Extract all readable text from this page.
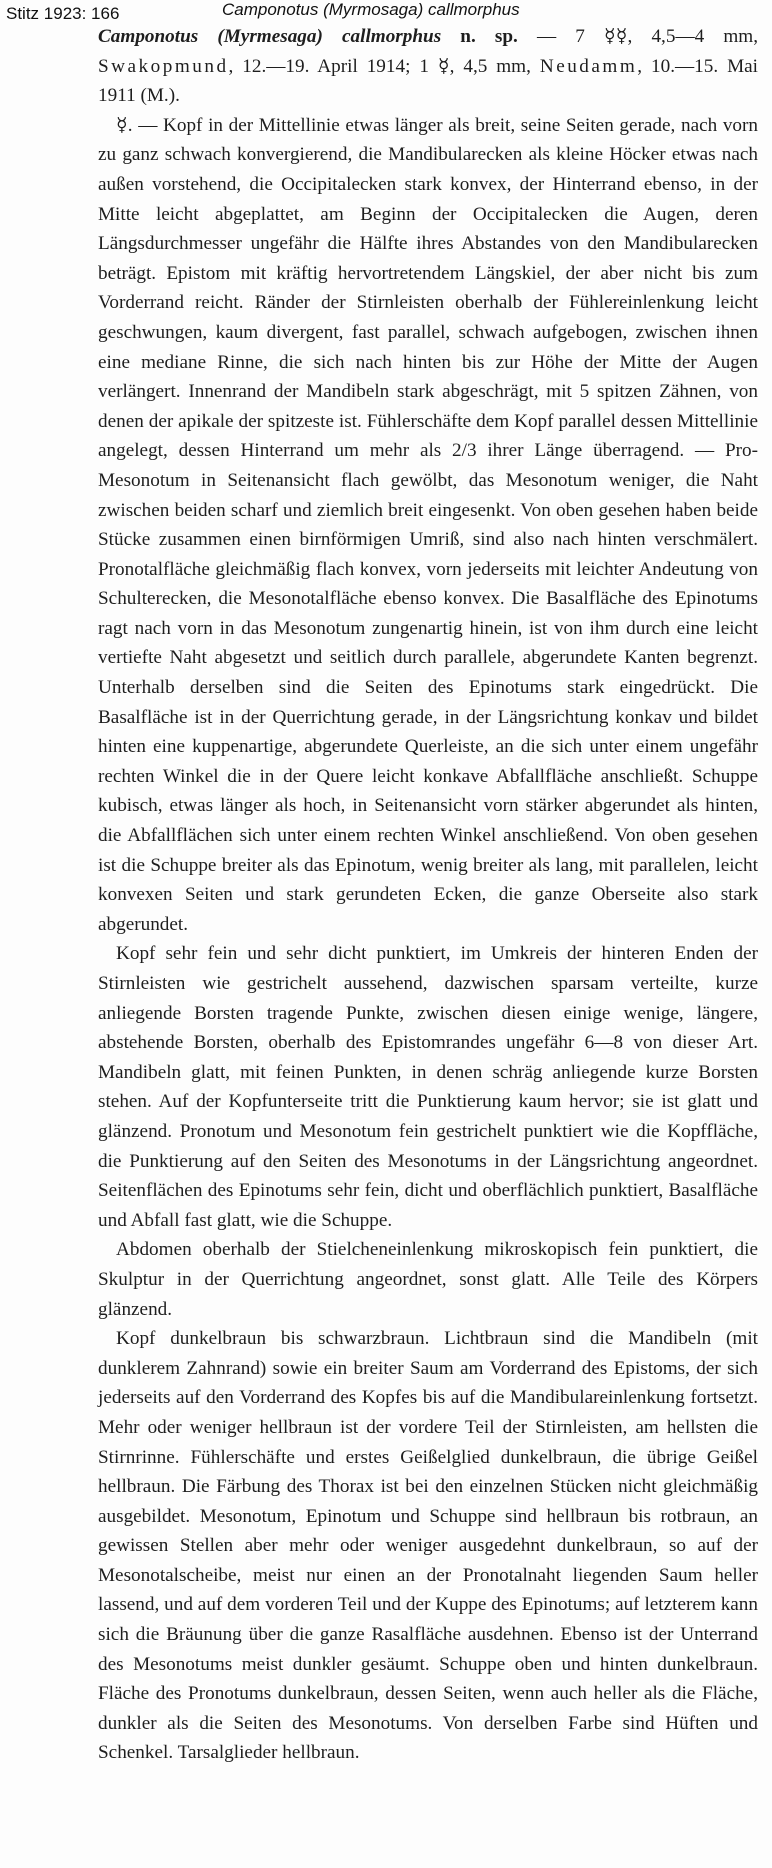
Stitz 1923: 166	Camponotus (Myrmosaga) callmorphus

Camponotus (Myrmesaga) callmorphus n. sp. — 7 ☿☿, 4,5—4 mm, Swakopmund, 12.—19. April 1914; 1 ☿, 4,5 mm, Neudamm, 10.—15. Mai 1911 (M.).

☿. — Kopf in der Mittellinie etwas länger als breit, seine Seiten gerade, nach vorn zu ganz schwach konvergierend, die Mandibularecken als kleine Höcker etwas nach außen vorstehend, die Occipitalecken stark konvex, der Hinterrand ebenso, in der Mitte leicht abgeplattet, am Beginn der Occipitalecken die Augen, deren Längsdurchmesser ungefähr die Hälfte ihres Abstandes von den Mandibularecken beträgt. Epistom mit kräftig hervortretendem Längskiel, der aber nicht bis zum Vorderrand reicht. Ränder der Stirnleisten oberhalb der Fühlereinlenkung leicht geschwungen, kaum divergent, fast parallel, schwach aufgebogen, zwischen ihnen eine mediane Rinne, die sich nach hinten bis zur Höhe der Mitte der Augen verlängert. Innenrand der Mandibeln stark abgeschrägt, mit 5 spitzen Zähnen, von denen der apikale der spitzeste ist. Fühlerschäfte dem Kopf parallel dessen Mittellinie angelegt, dessen Hinterrand um mehr als 2/3 ihrer Länge überragend. — Pro-Mesonotum in Seitenansicht flach gewölbt, das Mesonotum weniger, die Naht zwischen beiden scharf und ziemlich breit eingesenkt. Von oben gesehen haben beide Stücke zusammen einen birnförmigen Umriß, sind also nach hinten verschmälert. Pronotalfläche gleichmäßig flach konvex, vorn jederseits mit leichter Andeutung von Schulterecken, die Mesonotalfläche ebenso konvex. Die Basalfläche des Epinotums ragt nach vorn in das Mesonotum zungenartig hinein, ist von ihm durch eine leicht vertiefte Naht abgesetzt und seitlich durch parallele, abgerundete Kanten begrenzt. Unterhalb derselben sind die Seiten des Epinotums stark eingedrückt. Die Basalfläche ist in der Querrichtung gerade, in der Längsrichtung konkav und bildet hinten eine kuppenartige, abgerundete Querleiste, an die sich unter einem ungefähr rechten Winkel die in der Quere leicht konkave Abfallfläche anschließt. Schuppe kubisch, etwas länger als hoch, in Seitenansicht vorn stärker abgerundet als hinten, die Abfallflächen sich unter einem rechten Winkel anschließend. Von oben gesehen ist die Schuppe breiter als das Epinotum, wenig breiter als lang, mit parallelen, leicht konvexen Seiten und stark gerundeten Ecken, die ganze Oberseite also stark abgerundet.

Kopf sehr fein und sehr dicht punktiert, im Umkreis der hinteren Enden der Stirnleisten wie gestrichelt aussehend, dazwischen sparsam verteilte, kurze anliegende Borsten tragende Punkte, zwischen diesen einige wenige, längere, abstehende Borsten, oberhalb des Epistomrandes ungefähr 6—8 von dieser Art. Mandibeln glatt, mit feinen Punkten, in denen schräg anliegende kurze Borsten stehen. Auf der Kopfunterseite tritt die Punktierung kaum hervor; sie ist glatt und glänzend. Pronotum und Mesonotum fein gestrichelt punktiert wie die Kopffläche, die Punktierung auf den Seiten des Mesonotums in der Längsrichtung angeordnet. Seitenflächen des Epinotums sehr fein, dicht und oberflächlich punktiert, Basalfläche und Abfall fast glatt, wie die Schuppe.

Abdomen oberhalb der Stielcheneinlenkung mikroskopisch fein punktiert, die Skulptur in der Querrichtung angeordnet, sonst glatt. Alle Teile des Körpers glänzend.

Kopf dunkelbraun bis schwarzbraun. Lichtbraun sind die Mandibeln (mit dunklerem Zahnrand) sowie ein breiter Saum am Vorderrand des Epistoms, der sich jederseits auf den Vorderrand des Kopfes bis auf die Mandibulareinlenkung fortsetzt. Mehr oder weniger hellbraun ist der vordere Teil der Stirnleisten, am hellsten die Stirnrinne. Fühlerschäfte und erstes Geißelglied dunkelbraun, die übrige Geißel hellbraun. Die Färbung des Thorax ist bei den einzelnen Stücken nicht gleichmäßig ausgebildet. Mesonotum, Epinotum und Schuppe sind hellbraun bis rotbraun, an gewissen Stellen aber mehr oder weniger ausgedehnt dunkelbraun, so auf der Mesonotalscheibe, meist nur einen an der Pronotalnaht liegenden Saum heller lassend, und auf dem vorderen Teil und der Kuppe des Epinotums; auf letzterem kann sich die Bräunung über die ganze Rasalfläche ausdehnen. Ebenso ist der Unterrand des Mesonotums meist dunkler gesäumt. Schuppe oben und hinten dunkelbraun. Fläche des Pronotums dunkelbraun, dessen Seiten, wenn auch heller als die Fläche, dunkler als die Seiten des Mesonotums. Von derselben Farbe sind Hüften und Schenkel. Tarsalglieder hellbraun.
